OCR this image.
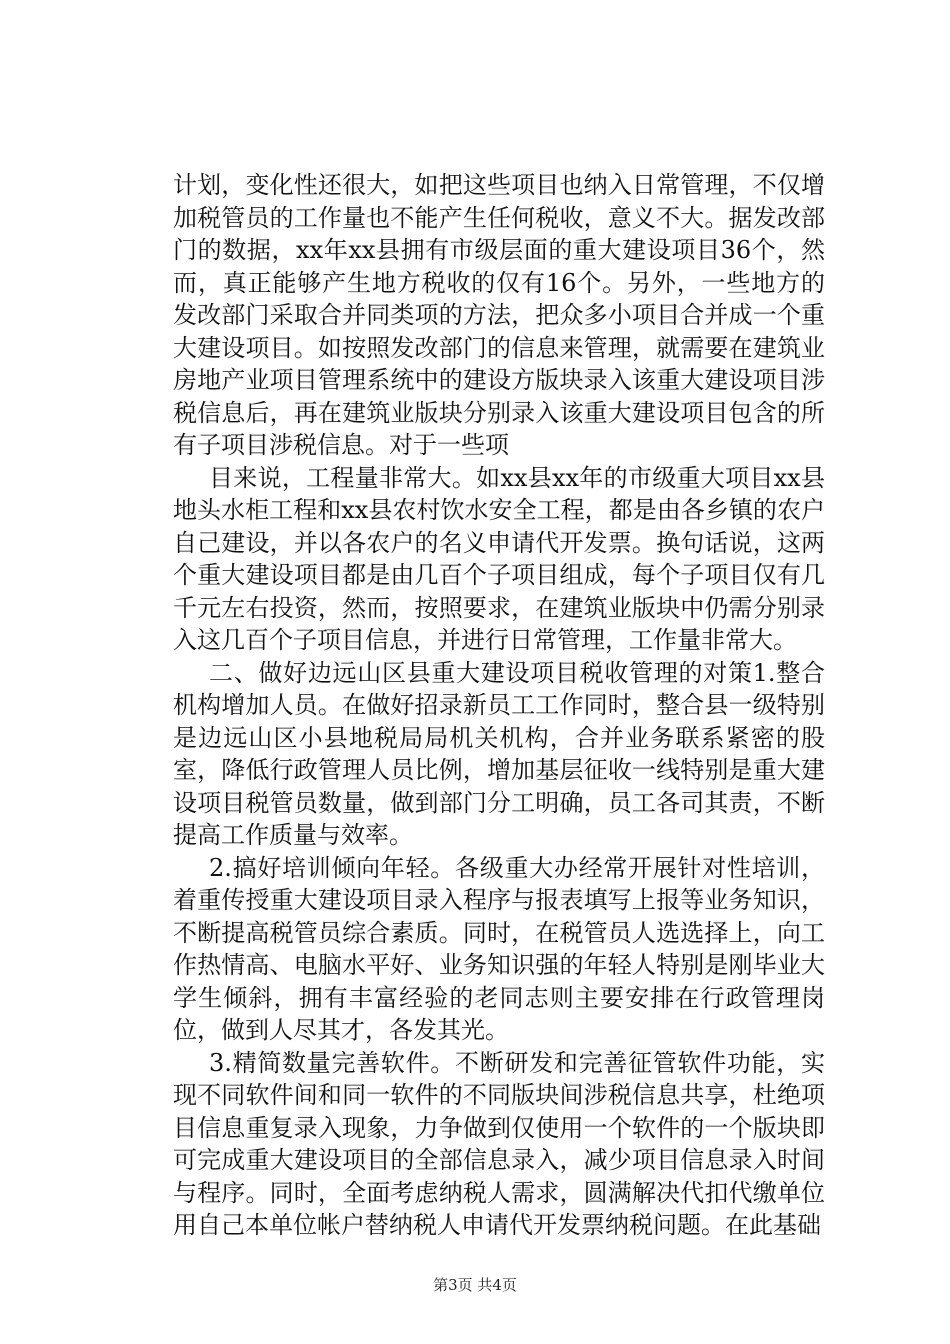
计划，变化性还很大，如把这些项目也纳入日常管理，不仅增加税管员的工作量也不能产生任何税收，意义不大。据发改部门的数据，xx年xx县拥有市级层面的重大建设项目36个，然而，真正能够产生地方税收的仅有16个。另外，一些地方的发改部门采取合并同类项的方法，把众多小项目合并成一个重大建设项目。如按照发改部门的信息来管理，就需要在建筑业房地产业项目管理系统中的建设方版块录入该重大建设项目涉税信息后，再在建筑业版块分别录入该重大建设项目包含的所有子项目涉税信息。对于一些项

目来说，工程量非常大。如xx县xx年的市级重大项目xx县地头水柜工程和xx县农村饮水安全工程，都是由各乡镇的农户自己建设，并以各农户的名义申请代开发票。换句话说，这两个重大建设项目都是由几百个子项目组成，每个子项目仅有几千元左右投资，然而，按照要求，在建筑业版块中仍需分别录入这几百个子项目信息，并进行日常管理，工作量非常大。

二、做好边远山区县重大建设项目税收管理的对策1.整合机构增加人员。在做好招录新员工工作同时，整合县一级特别是边远山区小县地税局局机关机构，合并业务联系紧密的股室，降低行政管理人员比例，增加基层征收一线特别是重大建设项目税管员数量，做到部门分工明确，员工各司其责，不断提高工作质量与效率。

2.搞好培训倾向年轻。各级重大办经常开展针对性培训，着重传授重大建设项目录入程序与报表填写上报等业务知识，不断提高税管员综合素质。同时，在税管员人选选择上，向工作热情高、电脑水平好、业务知识强的年轻人特别是刚毕业大学生倾斜，拥有丰富经验的老同志则主要安排在行政管理岗位，做到人尽其才，各发其光。

3.精简数量完善软件。不断研发和完善征管软件功能，实现不同软件间和同一软件的不同版块间涉税信息共享，杜绝项目信息重复录入现象，力争做到仅使用一个软件的一个版块即可完成重大建设项目的全部信息录入，减少项目信息录入时间与程序。同时，全面考虑纳税人需求，圆满解决代扣代缴单位用自己本单位帐户替纳税人申请代开发票纳税问题。在此基础

第3页 共4页
